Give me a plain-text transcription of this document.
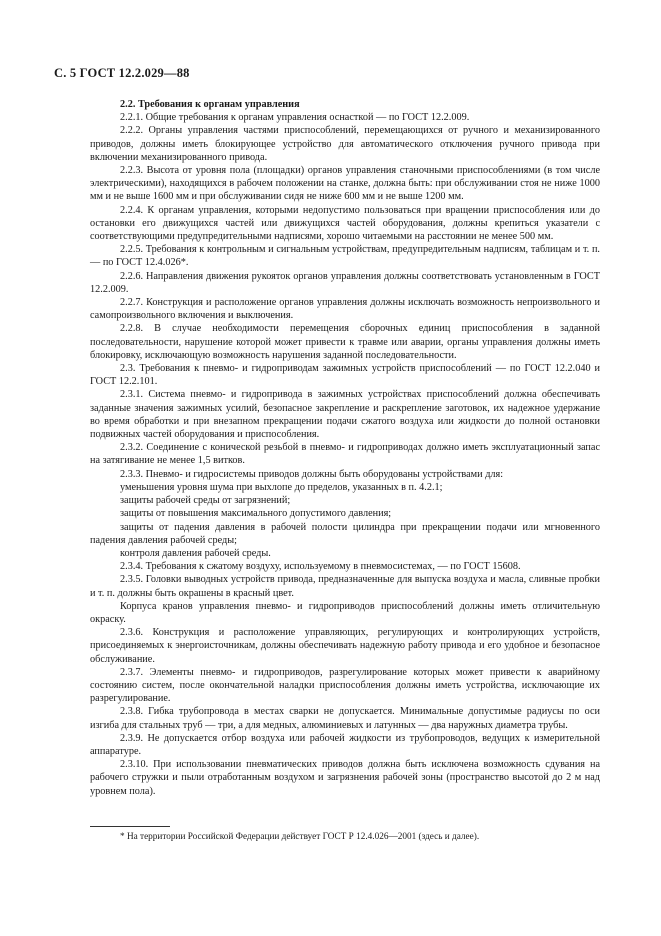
С. 5 ГОСТ 12.2.029—88

2.2. Требования к органам управления

2.2.1. Общие требования к органам управления оснасткой — по ГОСТ 12.2.009.

2.2.2. Органы управления частями приспособлений, перемещающихся от ручного и механизированного приводов, должны иметь блокирующее устройство для автоматического отключения ручного привода при включении механизированного привода.

2.2.3. Высота от уровня пола (площадки) органов управления станочными приспособлениями (в том числе электрическими), находящихся в рабочем положении на станке, должна быть: при обслуживании стоя не ниже 1000 мм и не выше 1600 мм и при обслуживании сидя не ниже 600 мм и не выше 1200 мм.

2.2.4. К органам управления, которыми недопустимо пользоваться при вращении приспособления или до остановки его движущихся частей или движущихся частей оборудования, должны крепиться указатели с соответствующими предупредительными надписями, хорошо читаемыми на расстоянии не менее 500 мм.

2.2.5. Требования к контрольным и сигнальным устройствам, предупредительным надписям, таблицам и т. п. — по ГОСТ 12.4.026*.

2.2.6. Направления движения рукояток органов управления должны соответствовать установленным в ГОСТ 12.2.009.

2.2.7. Конструкция и расположение органов управления должны исключать возможность непроизвольного и самопроизвольного включения и выключения.

2.2.8. В случае необходимости перемещения сборочных единиц приспособления в заданной последовательности, нарушение которой может привести к травме или аварии, органы управления должны иметь блокировку, исключающую возможность нарушения заданной последовательности.

2.3. Требования к пневмо- и гидроприводам зажимных устройств приспособлений — по ГОСТ 12.2.040 и ГОСТ 12.2.101.

2.3.1. Система пневмо- и гидропривода в зажимных устройствах приспособлений должна обеспечивать заданные значения зажимных усилий, безопасное закрепление и раскрепление заготовок, их надежное удержание во время обработки и при внезапном прекращении подачи сжатого воздуха или жидкости до полной остановки подвижных частей оборудования и приспособления.

2.3.2. Соединение с конической резьбой в пневмо- и гидроприводах должно иметь эксплуатационный запас на затягивание не менее 1,5 витков.

2.3.3. Пневмо- и гидросистемы приводов должны быть оборудованы устройствами для:

уменьшения уровня шума при выхлопе до пределов, указанных в п. 4.2.1;

защиты рабочей среды от загрязнений;

защиты от повышения максимального допустимого давления;

защиты от падения давления в рабочей полости цилиндра при прекращении подачи или мгновенного падения давления рабочей среды;

контроля давления рабочей среды.

2.3.4. Требования к сжатому воздуху, используемому в пневмосистемах, — по ГОСТ 15608.

2.3.5. Головки выводных устройств привода, предназначенные для выпуска воздуха и масла, сливные пробки и т. п. должны быть окрашены в красный цвет.

Корпуса кранов управления пневмо- и гидроприводов приспособлений должны иметь отличительную окраску.

2.3.6. Конструкция и расположение управляющих, регулирующих и контролирующих устройств, присоединяемых к энергоисточникам, должны обеспечивать надежную работу привода и его удобное и безопасное обслуживание.

2.3.7. Элементы пневмо- и гидроприводов, разрегулирование которых может привести к аварийному состоянию систем, после окончательной наладки приспособления должны иметь устройства, исключающие их разрегулирование.

2.3.8. Гибка трубопровода в местах сварки не допускается. Минимальные допустимые радиусы по оси изгиба для стальных труб — три, а для медных, алюминиевых и латунных — два наружных диаметра трубы.

2.3.9. Не допускается отбор воздуха или рабочей жидкости из трубопроводов, ведущих к измерительной аппаратуре.

2.3.10. При использовании пневматических приводов должна быть исключена возможность сдувания на рабочего стружки и пыли отработанным воздухом и загрязнения рабочей зоны (пространство высотой до 2 м над уровнем пола).

* На территории Российской Федерации действует ГОСТ Р 12.4.026—2001 (здесь и далее).
